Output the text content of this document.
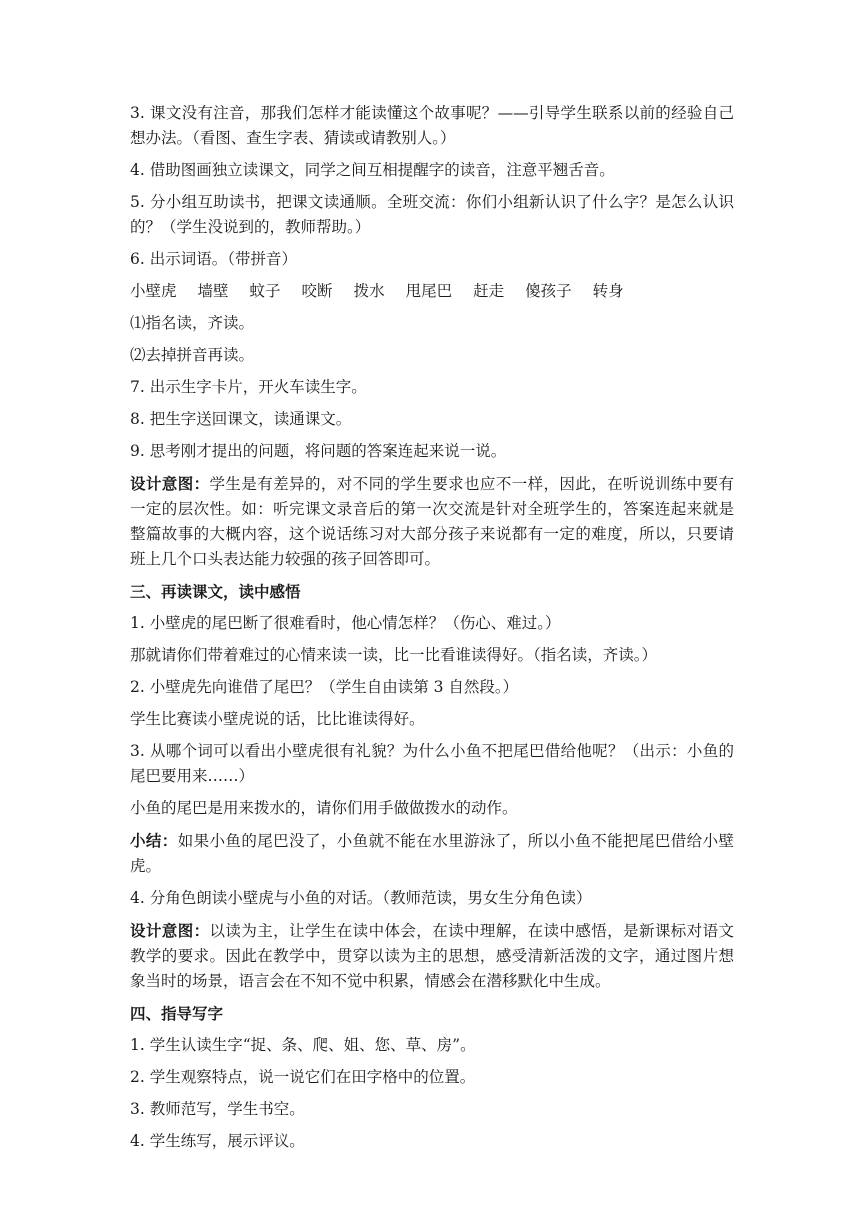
3. 课文没有注音，那我们怎样才能读懂这个故事呢？——引导学生联系以前的经验自己想办法。（看图、查生字表、猜读或请教别人。）

4. 借助图画独立读课文，同学之间互相提醒字的读音，注意平翘舌音。

5. 分小组互助读书，把课文读通顺。全班交流：你们小组新认识了什么字？是怎么认识的？（学生没说到的，教师帮助。）

6. 出示词语。（带拼音）

小壁虎 墙壁 蚊子 咬断 拨水 甩尾巴 赶走 傻孩子 转身

⑴指名读，齐读。

⑵去掉拼音再读。

7. 出示生字卡片，开火车读生字。

8. 把生字送回课文，读通课文。

9. 思考刚才提出的问题，将问题的答案连起来说一说。

设计意图：学生是有差异的，对不同的学生要求也应不一样，因此，在听说训练中要有一定的层次性。如：听完课文录音后的第一次交流是针对全班学生的，答案连起来就是整篇故事的大概内容，这个说话练习对大部分孩子来说都有一定的难度，所以，只要请班上几个口头表达能力较强的孩子回答即可。

三、再读课文，读中感悟

1. 小壁虎的尾巴断了很难看时，他心情怎样？（伤心、难过。）

那就请你们带着难过的心情来读一读，比一比看谁读得好。（指名读，齐读。）

2. 小壁虎先向谁借了尾巴？（学生自由读第 3 自然段。）

学生比赛读小壁虎说的话，比比谁读得好。

3. 从哪个词可以看出小壁虎很有礼貌？为什么小鱼不把尾巴借给他呢？（出示：小鱼的尾巴要用来……）

小鱼的尾巴是用来拨水的，请你们用手做做拨水的动作。

小结：如果小鱼的尾巴没了，小鱼就不能在水里游泳了，所以小鱼不能把尾巴借给小壁虎。

4. 分角色朗读小壁虎与小鱼的对话。（教师范读，男女生分角色读）

设计意图：以读为主，让学生在读中体会，在读中理解，在读中感悟，是新课标对语文教学的要求。因此在教学中，贯穿以读为主的思想，感受清新活泼的文字，通过图片想象当时的场景，语言会在不知不觉中积累，情感会在潜移默化中生成。

四、指导写字

1. 学生认读生字“捉、条、爬、姐、您、草、房”。

2. 学生观察特点，说一说它们在田字格中的位置。

3. 教师范写，学生书空。

4. 学生练写，展示评议。
